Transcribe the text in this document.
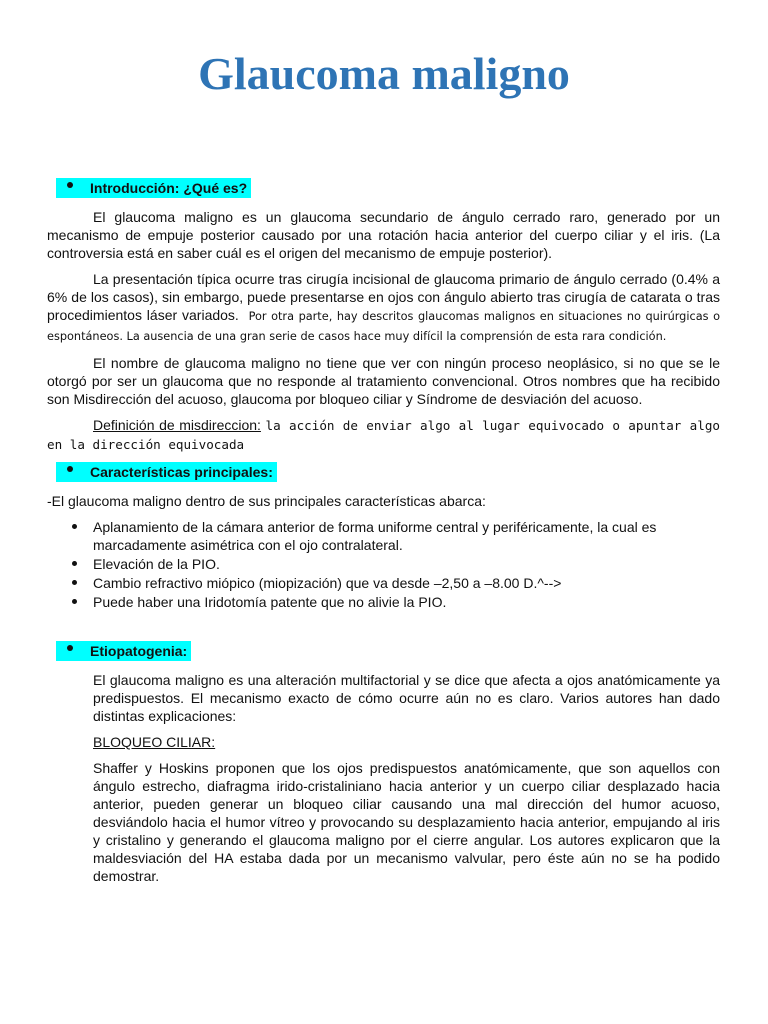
Glaucoma maligno
Introducción: ¿Qué es?

El glaucoma maligno es un glaucoma secundario de ángulo cerrado raro, generado por un mecanismo de empuje posterior causado por una rotación hacia anterior del cuerpo ciliar y el iris. (La controversia está en saber cuál es el origen del mecanismo de empuje posterior).

La presentación típica ocurre tras cirugía incisional de glaucoma primario de ángulo cerrado (0.4% a 6% de los casos), sin embargo, puede presentarse en ojos con ángulo abierto tras cirugía de catarata o tras procedimientos láser variados. Por otra parte, hay descritos glaucomas malignos en situaciones no quirúrgicas o espontáneos. La ausencia de una gran serie de casos hace muy difícil la comprensión de esta rara condición.

El nombre de glaucoma maligno no tiene que ver con ningún proceso neoplásico, si no que se le otorgó por ser un glaucoma que no responde al tratamiento convencional. Otros nombres que ha recibido son Misdirección del acuoso, glaucoma por bloqueo ciliar y Síndrome de desviación del acuoso.

Definición de misdireccion: la acción de enviar algo al lugar equivocado o apuntar algo en la dirección equivocada

Características principales:

-El glaucoma maligno dentro de sus principales características abarca:

Aplanamiento de la cámara anterior de forma uniforme central y periféricamente, la cual es marcadamente asimétrica con el ojo contralateral.
Elevación de la PIO.
Cambio refractivo miópico (miopización) que va desde –2,50 a –8.00 D.^-->
Puede haber una Iridotomía patente que no alivie la PIO.
Etiopatogenia:

El glaucoma maligno es una alteración multifactorial y se dice que afecta a ojos anatómicamente ya predispuestos. El mecanismo exacto de cómo ocurre aún no es claro. Varios autores han dado distintas explicaciones:

BLOQUEO CILIAR:

Shaffer y Hoskins proponen que los ojos predispuestos anatómicamente, que son aquellos con ángulo estrecho, diafragma irido-cristaliniano hacia anterior y un cuerpo ciliar desplazado hacia anterior, pueden generar un bloqueo ciliar causando una mal dirección del humor acuoso, desviándolo hacia el humor vítreo y provocando su desplazamiento hacia anterior, empujando al iris y cristalino y generando el glaucoma maligno por el cierre angular. Los autores explicaron que la maldesviación del HA estaba dada por un mecanismo valvular, pero éste aún no se ha podido demostrar.
